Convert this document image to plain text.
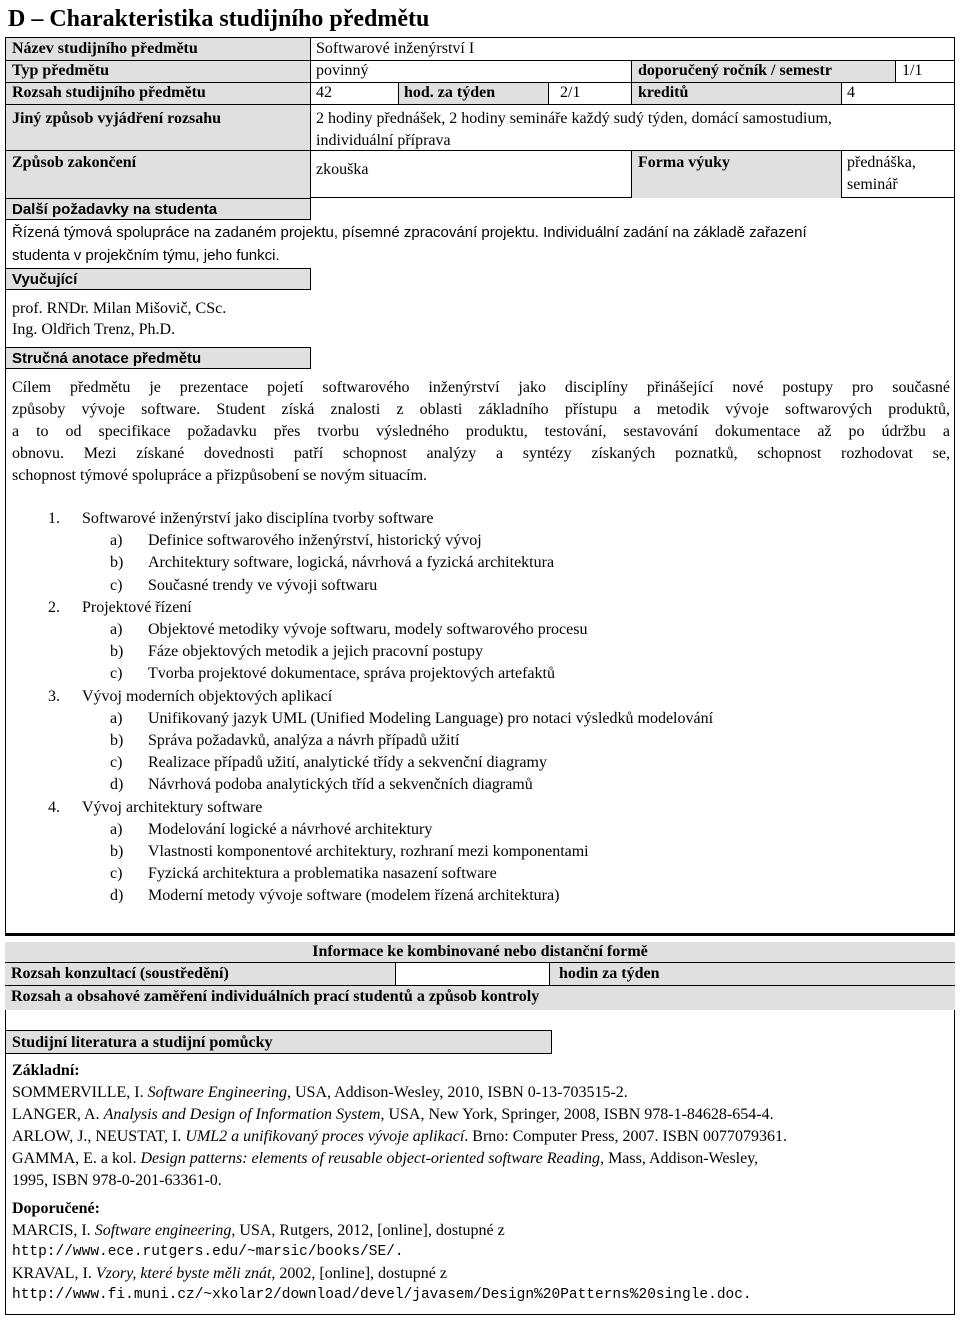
D – Charakteristika studijního předmětu
Název studijního předmětu	Softwarové inženýrství I
Typ předmětu	povinný	doporučený ročník / semestr	1/1
Rozsah studijního předmětu	42	hod. za týden	2/1	kreditů	4
Jiný způsob vyjádření rozsahu	2 hodiny přednášek, 2 hodiny semináře každý sudý týden, domácí samostudium,
individuální příprava
Způsob zakončení	zkouška	Forma výuky	přednáška,
seminář
Další požadavky na studenta
Řízená týmová spolupráce na zadaném projektu, písemné zpracování projektu. Individuální zadání na základě zařazení
studenta v projekčním týmu, jeho funkci.
Vyučující
prof. RNDr. Milan Mišovič, CSc.
Ing. Oldřich Trenz, Ph.D.
Stručná anotace předmětu
Cílem předmětu je prezentace pojetí softwarového inženýrství jako disciplíny přinášející nové postupy pro současné
způsoby vývoje software. Student získá znalosti z oblasti základního přístupu a metodik vývoje softwarových produktů,
a to od specifikace požadavku přes tvorbu výsledného produktu, testování, sestavování dokumentace až po údržbu a
obnovu. Mezi získané dovednosti patří schopnost analýzy a syntézy získaných poznatků, schopnost rozhodovat se,
schopnost týmové spolupráce a přizpůsobení se novým situacím.
1. Softwarové inženýrství jako disciplína tvorby software
a) Definice softwarového inženýrství, historický vývoj
b) Architektury software, logická, návrhová a fyzická architektura
c) Současné trendy ve vývoji softwaru
2. Projektové řízení
a) Objektové metodiky vývoje softwaru, modely softwarového procesu
b) Fáze objektových metodik a jejich pracovní postupy
c) Tvorba projektové dokumentace, správa projektových artefaktů
3. Vývoj moderních objektových aplikací
a) Unifikovaný jazyk UML (Unified Modeling Language) pro notaci výsledků modelování
b) Správa požadavků, analýza a návrh případů užití
c) Realizace případů užití, analytické třídy a sekvenční diagramy
d) Návrhová podoba analytických tříd a sekvenčních diagramů
4. Vývoj architektury software
a) Modelování logické a návrhové architektury
b) Vlastnosti komponentové architektury, rozhraní mezi komponentami
c) Fyzická architektura a problematika nasazení software
d) Moderní metody vývoje software (modelem řízená architektura)
Informace ke kombinované nebo distanční formě
Rozsah konzultací (soustředění)	hodin za týden
Rozsah a obsahové zaměření individuálních prací studentů a způsob kontroly
Studijní literatura a studijní pomůcky
Základní:
SOMMERVILLE, I. Software Engineering, USA, Addison-Wesley, 2010, ISBN 0-13-703515-2.
LANGER, A. Analysis and Design of Information System, USA, New York, Springer, 2008, ISBN 978-1-84628-654-4.
ARLOW, J., NEUSTAT, I. UML2 a unifikovaný proces vývoje aplikací. Brno: Computer Press, 2007. ISBN 0077079361.
GAMMA, E. a kol. Design patterns: elements of reusable object-oriented software Reading, Mass, Addison-Wesley,
1995, ISBN 978-0-201-63361-0.
Doporučené:
MARCIS, I. Software engineering, USA, Rutgers, 2012, [online], dostupné z
http://www.ece.rutgers.edu/~marsic/books/SE/.
KRAVAL, I. Vzory, které byste měli znát, 2002, [online], dostupné z
http://www.fi.muni.cz/~xkolar2/download/devel/javasem/Design%20Patterns%20single.doc.
